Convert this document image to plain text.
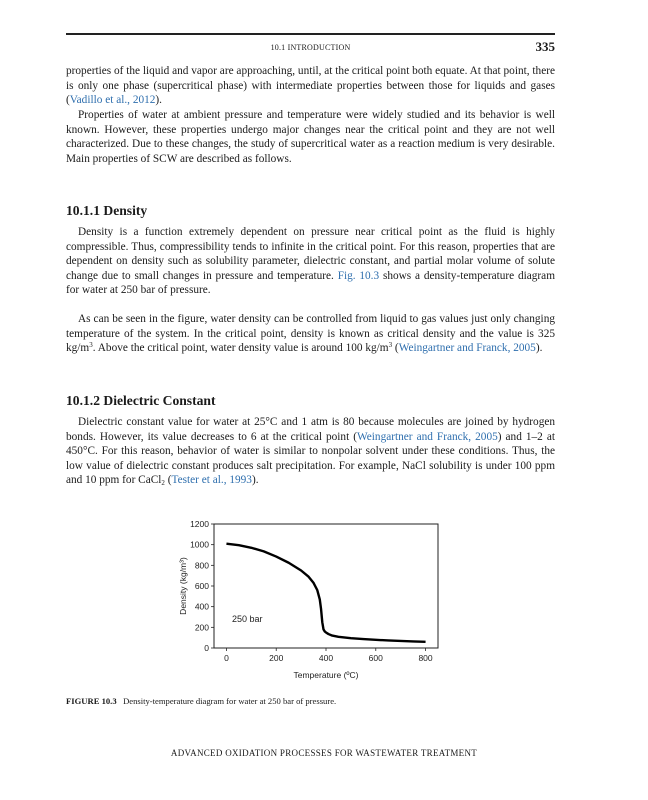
10.1 INTRODUCTION	335

properties of the liquid and vapor are approaching, until, at the critical point both equate. At that point, there is only one phase (supercritical phase) with intermediate properties between those for liquids and gases (Vadillo et al., 2012).

Properties of water at ambient pressure and temperature were widely studied and its behavior is well known. However, these properties undergo major changes near the critical point and they are not well characterized. Due to these changes, the study of supercritical water as a reaction medium is very desirable. Main properties of SCW are described as follows.

10.1.1 Density

Density is a function extremely dependent on pressure near critical point as the fluid is highly compressible. Thus, compressibility tends to infinite in the critical point. For this reason, properties that are dependent on density such as solubility parameter, dielectric constant, and partial molar volume of solute change due to small changes in pressure and temperature. Fig. 10.3 shows a density-temperature diagram for water at 250 bar of pressure.

As can be seen in the figure, water density can be controlled from liquid to gas values just only changing temperature of the system. In the critical point, density is known as critical density and the value is 325 $kg/m^3$. Above the critical point, water density value is around 100 $kg/m^3$ (Weingartner and Franck, 2005).

10.1.2 Dielectric Constant

Dielectric constant value for water at 25°C and 1 atm is 80 because molecules are joined by hydrogen bonds. However, its value decreases to 6 at the critical point (Weingartner and Franck, 2005) and 1–2 at 450°C. For this reason, behavior of water is similar to nonpolar solvent under these conditions. Thus, the low value of dielectric constant produces salt precipitation. For example, NaCl solubility is under 100 ppm and 10 ppm for CaCl$_2$ (Tester et al., 1993).

0
200
400
600
800
1000
1200
0	200	400	600	800
250 bar
Temperature (ºC)
Density (kg/m³)
FIGURE 10.3 Density-temperature diagram for water at 250 bar of pressure.
ADVANCED OXIDATION PROCESSES FOR WASTEWATER TREATMENT
